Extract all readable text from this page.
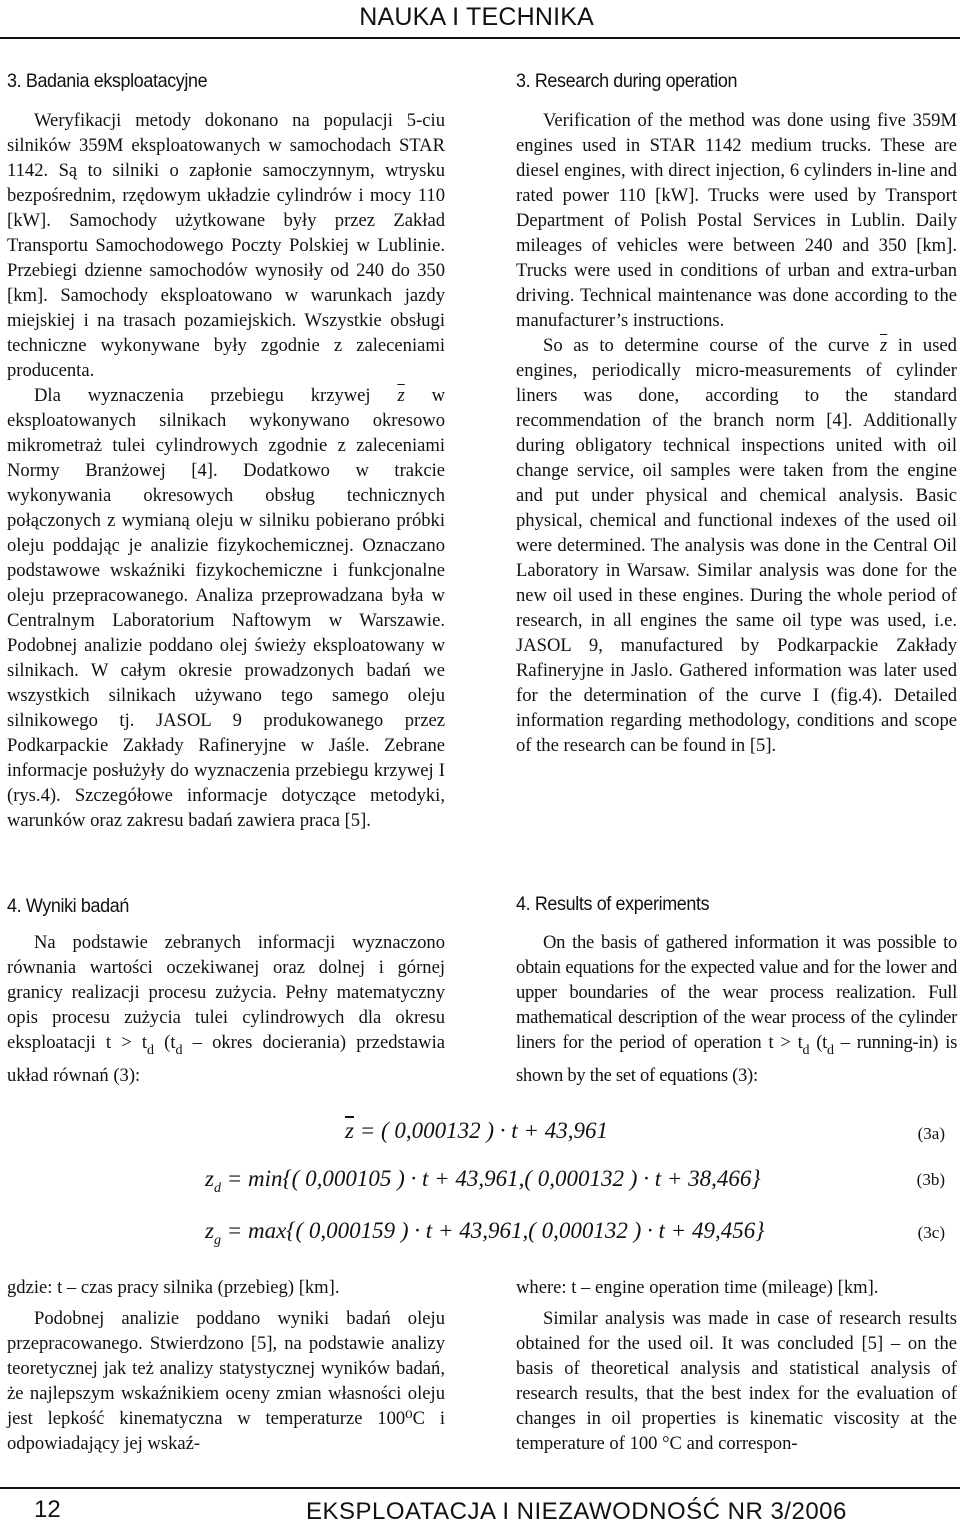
NAUKA I TECHNIKA
3. Badania eksploatacyjne

Weryfikacji metody dokonano na populacji 5-ciu silników 359M eksploatowanych w samochodach STAR 1142. Są to silniki o zapłonie samoczynnym, wtrysku bezpośrednim, rzędowym układzie cylindrów i mocy 110 [kW]. Samochody użytkowane były przez Zakład Transportu Samochodowego Poczty Polskiej w Lublinie. Przebiegi dzienne samochodów wynosiły od 240 do 350 [km]. Samochody eksploatowano w warunkach jazdy miejskiej i na trasach pozamiejskich. Wszystkie obsługi techniczne wykonywane były zgodnie z zaleceniami producenta.

Dla wyznaczenia przebiegu krzywej $\overline{z}$ w eksploatowanych silnikach wykonywano okresowo mikrometraż tulei cylindrowych zgodnie z zaleceniami Normy Branżowej [4]. Dodatkowo w trakcie wykonywania okresowych obsług technicznych połączonych z wymianą oleju w silniku pobierano próbki oleju poddając je analizie fizykochemicznej. Oznaczano podstawowe wskaźniki fizykochemiczne i funkcjonalne oleju przepracowanego. Analiza przeprowadzana była w Centralnym Laboratorium Naftowym w Warszawie. Podobnej analizie poddano olej świeży eksploatowany w silnikach. W całym okresie prowadzonych badań we wszystkich silnikach używano tego samego oleju silnikowego tj. JASOL 9 produkowanego przez Podkarpackie Zakłady Rafineryjne w Jaśle. Zebrane informacje posłużyły do wyznaczenia przebiegu krzywej I (rys.4). Szczegółowe informacje dotyczące metodyki, warunków oraz zakresu badań zawiera praca [5].

4. Wyniki badań

Na podstawie zebranych informacji wyznaczono równania wartości oczekiwanej oraz dolnej i górnej granicy realizacji procesu zużycia. Pełny matematyczny opis procesu zużycia tulei cylindrowych dla okresu eksploatacji $t > t_d$ ($t_d$ – okres docierania) przedstawia układ równań (3):

3. Research during operation

Verification of the method was done using five 359M engines used in STAR 1142 medium trucks. These are diesel engines, with direct injection, 6 cylinders in-line and rated power 110 [kW]. Trucks were used by Transport Department of Polish Postal Services in Lublin. Daily mileages of vehicles were between 240 and 350 [km]. Trucks were used in conditions of urban and extra-urban driving. Technical maintenance was done according to the manufacturer’s instructions.

So as to determine course of the curve $\overline{z}$ in used engines, periodically micro-measurements of cylinder liners was done, according to the standard recommendation of the branch norm [4]. Additionally during obligatory technical inspections united with oil change service, oil samples were taken from the engine and put under physical and chemical analysis. Basic physical, chemical and functional indexes of the used oil were determined. The analysis was done in the Central Oil Laboratory in Warsaw. Similar analysis was done for the new oil used in these engines. During the whole period of research, in all engines the same oil type was used, i.e. JASOL 9, manufactured by Podkarpackie Zakłady Rafineryjne in Jaslo. Gathered information was later used for the determination of the curve I (fig.4). Detailed information regarding methodology, conditions and scope of the research can be found in [5].

4. Results of experiments

On the basis of gathered information it was possible to obtain equations for the expected value and for the lower and upper boundaries of the wear process realization. Full mathematical description of the wear process of the cylinder liners for the period of operation $t > t_d$ ($t_d$ – running-in) is shown by the set of equations (3):

$\overline{z}$ = ( 0,000132 ) · t + 43,961	(3a)
$z_d = \min${( 0,000105 ) · t + 43,961,( 0,000132 ) · t + 38,466}	(3b)
$z_g = \max${( 0,000159 ) · t + 43,961,( 0,000132 ) · t + 49,456}	(3c)

gdzie: t – czas pracy silnika (przebieg) [km].

Podobnej analizie poddano wyniki badań oleju przepracowanego. Stwierdzono [5], na podstawie analizy teoretycznej jak też analizy statystycznej wyników badań, że najlepszym wskaźnikiem oceny zmian własności oleju jest lepkość kinematyczna w temperaturze 100⁰C i odpowiadający jej wskaź-

where: t – engine operation time (mileage) [km].

Similar analysis was made in case of research results obtained for the used oil. It was concluded [5] – on the basis of theoretical analysis and statistical analysis of research results, that the best index for the evaluation of changes in oil properties is kinematic viscosity at the temperature of 100 °C and correspon-

12	EKSPLOATACJA I NIEZAWODNOŚĆ NR 3/2006
